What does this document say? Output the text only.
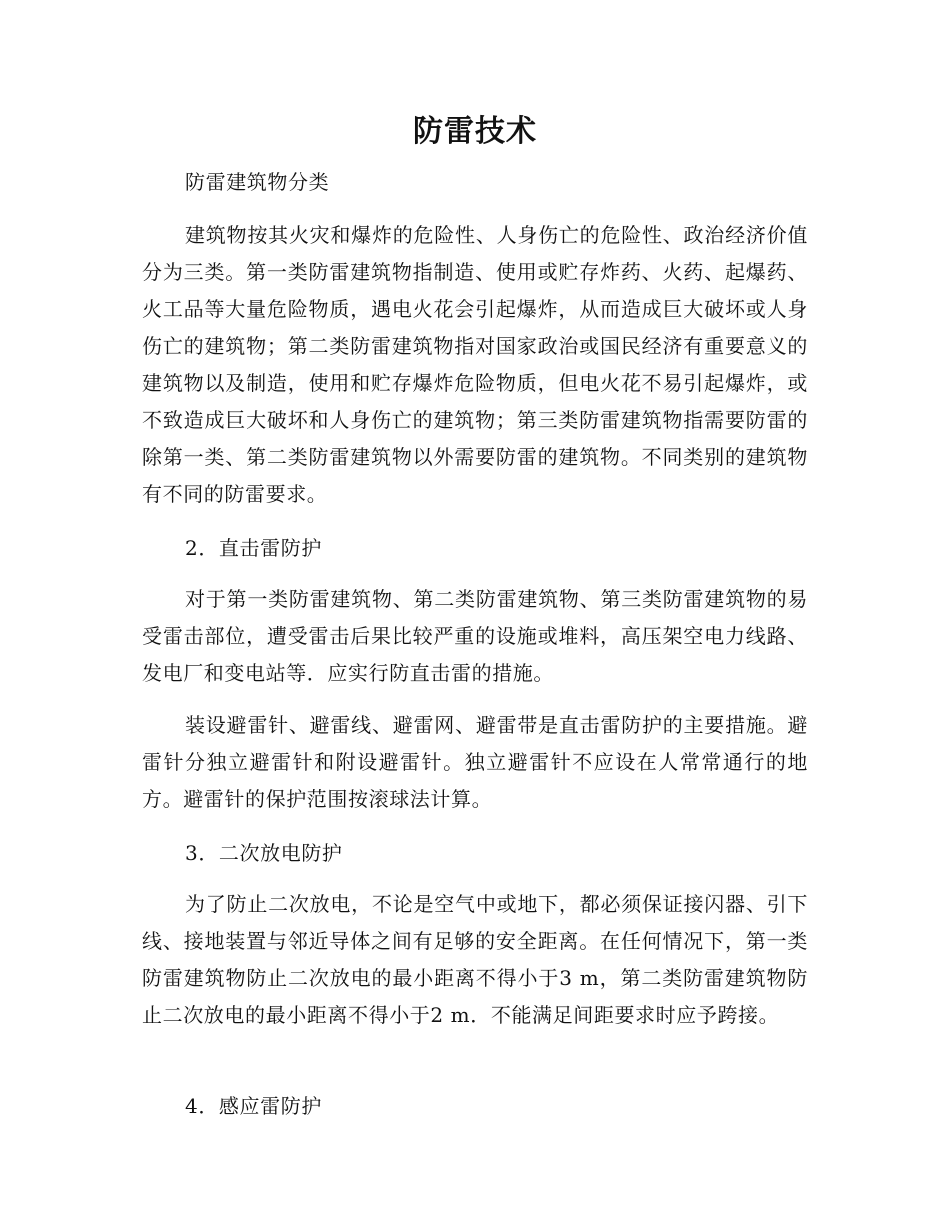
防雷技术

防雷建筑物分类

建筑物按其火灾和爆炸的危险性、人身伤亡的危险性、政治经济价值分为三类。第一类防雷建筑物指制造、使用或贮存炸药、火药、起爆药、火工品等大量危险物质，遇电火花会引起爆炸，从而造成巨大破坏或人身伤亡的建筑物；第二类防雷建筑物指对国家政治或国民经济有重要意义的建筑物以及制造，使用和贮存爆炸危险物质，但电火花不易引起爆炸，或不致造成巨大破坏和人身伤亡的建筑物；第三类防雷建筑物指需要防雷的除第一类、第二类防雷建筑物以外需要防雷的建筑物。不同类别的建筑物有不同的防雷要求。

2．直击雷防护

对于第一类防雷建筑物、第二类防雷建筑物、第三类防雷建筑物的易受雷击部位，遭受雷击后果比较严重的设施或堆料，高压架空电力线路、发电厂和变电站等．应实行防直击雷的措施。

装设避雷针、避雷线、避雷网、避雷带是直击雷防护的主要措施。避雷针分独立避雷针和附设避雷针。独立避雷针不应设在人常常通行的地方。避雷针的保护范围按滚球法计算。

3．二次放电防护

为了防止二次放电，不论是空气中或地下，都必须保证接闪器、引下线、接地装置与邻近导体之间有足够的安全距离。在任何情况下，第一类防雷建筑物防止二次放电的最小距离不得小于3 m，第二类防雷建筑物防止二次放电的最小距离不得小于2 m．不能满足间距要求时应予跨接。

4．感应雷防护
